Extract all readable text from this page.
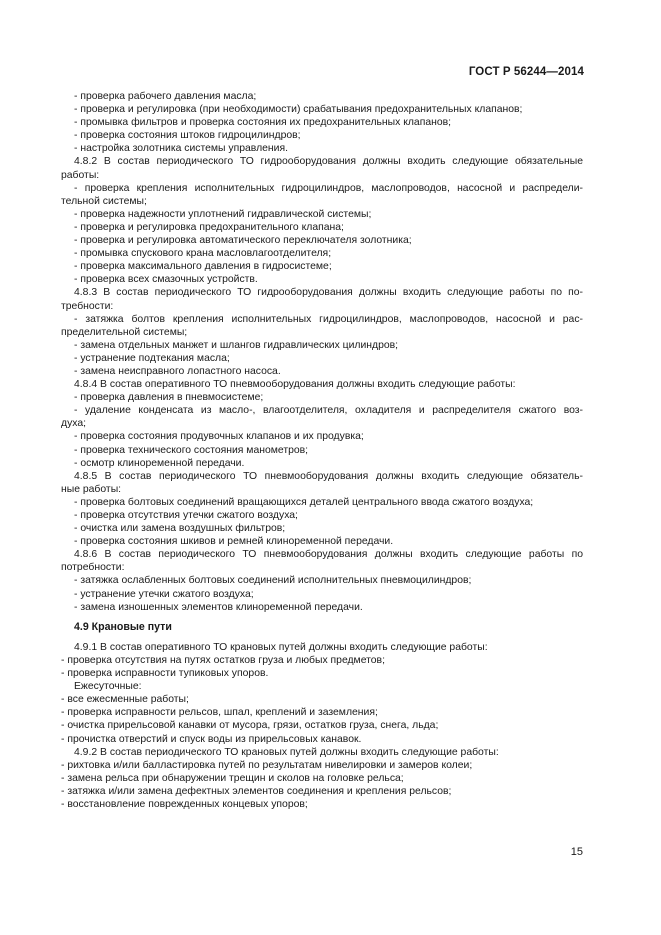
ГОСТ Р 56244—2014
- проверка рабочего давления масла;
- проверка и регулировка (при необходимости) срабатывания предохранительных клапанов;
- промывка фильтров и проверка состояния их предохранительных клапанов;
- проверка состояния штоков гидроцилиндров;
- настройка золотника системы управления.
4.8.2 В состав периодического ТО гидрооборудования должны входить следующие обязательные
работы:
- проверка крепления исполнительных гидроцилиндров, маслопроводов, насосной и распредели-
тельной системы;
- проверка надежности уплотнений гидравлической системы;
- проверка и регулировка предохранительного клапана;
- проверка и регулировка автоматического переключателя золотника;
- промывка спускового крана масловлагоотделителя;
- проверка максимального давления в гидросистеме;
- проверка всех смазочных устройств.
4.8.3 В состав периодического ТО гидрооборудования должны входить следующие работы по по-
требности:
- затяжка болтов крепления исполнительных гидроцилиндров, маслопроводов, насосной и рас-
пределительной системы;
- замена отдельных манжет и шлангов гидравлических цилиндров;
- устранение подтекания масла;
- замена неисправного лопастного насоса.
4.8.4 В состав оперативного ТО пневмооборудования должны входить следующие работы:
- проверка давления в пневмосистеме;
- удаление конденсата из масло-, влагоотделителя, охладителя и распределителя сжатого воз-
духа;
- проверка состояния продувочных клапанов и их продувка;
- проверка технического состояния манометров;
- осмотр клиноременной передачи.
4.8.5 В состав периодического ТО пневмооборудования должны входить следующие обязатель-
ные работы:
- проверка болтовых соединений вращающихся деталей центрального ввода сжатого воздуха;
- проверка отсутствия утечки сжатого воздуха;
- очистка или замена воздушных фильтров;
- проверка состояния шкивов и ремней клиноременной передачи.
4.8.6 В состав периодического ТО пневмооборудования должны входить следующие работы по
потребности:
- затяжка ослабленных болтовых соединений исполнительных пневмоцилиндров;
- устранение утечки сжатого воздуха;
- замена изношенных элементов клиноременной передачи.
4.9 Крановые пути
4.9.1 В состав оперативного ТО крановых путей должны входить следующие работы:
- проверка отсутствия на путях остатков груза и любых предметов;
- проверка исправности тупиковых упоров.
Ежесуточные:
- все ежесменные работы;
- проверка исправности рельсов, шпал, креплений и заземления;
- очистка прирельсовой канавки от мусора, грязи, остатков груза, снега, льда;
- прочистка отверстий и спуск воды из прирельсовых канавок.
4.9.2 В состав периодического ТО крановых путей должны входить следующие работы:
- рихтовка и/или балластировка путей по результатам нивелировки и замеров колеи;
- замена рельса при обнаружении трещин и сколов на головке рельса;
- затяжка и/или замена дефектных элементов соединения и крепления рельсов;
- восстановление поврежденных концевых упоров;
15
